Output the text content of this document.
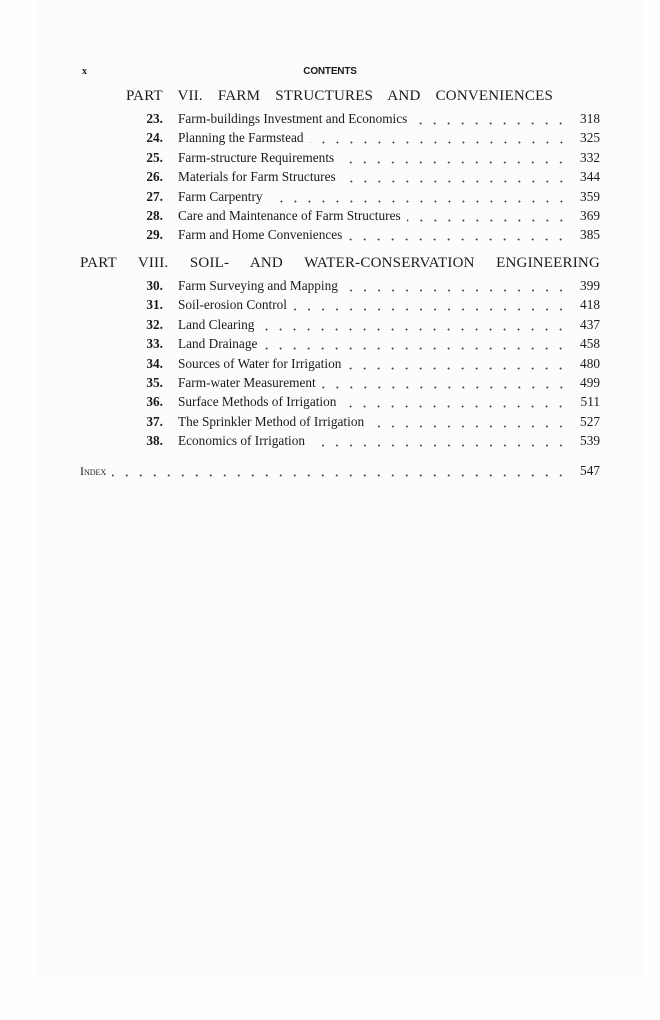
x	CONTENTS
PART VII. FARM STRUCTURES AND CONVENIENCES
23.	Farm-buildings Investment and Economics	318
24.	Planning the Farmstead	325
25.	Farm-structure Requirements	332
26.	Materials for Farm Structures	344
27.	Farm Carpentry	359
28.	Care and Maintenance of Farm Structures	369
29.	Farm and Home Conveniences	385
PART VIII. SOIL- AND WATER-CONSERVATION ENGINEERING
30.	Farm Surveying and Mapping	399
31.	Soil-erosion Control	418
32.	Land Clearing	437
33.	Land Drainage	458
34.	Sources of Water for Irrigation	480
35.	Farm-water Measurement	499
36.	Surface Methods of Irrigation	511
37.	The Sprinkler Method of Irrigation	527
38.	Economics of Irrigation	539
Index	547
